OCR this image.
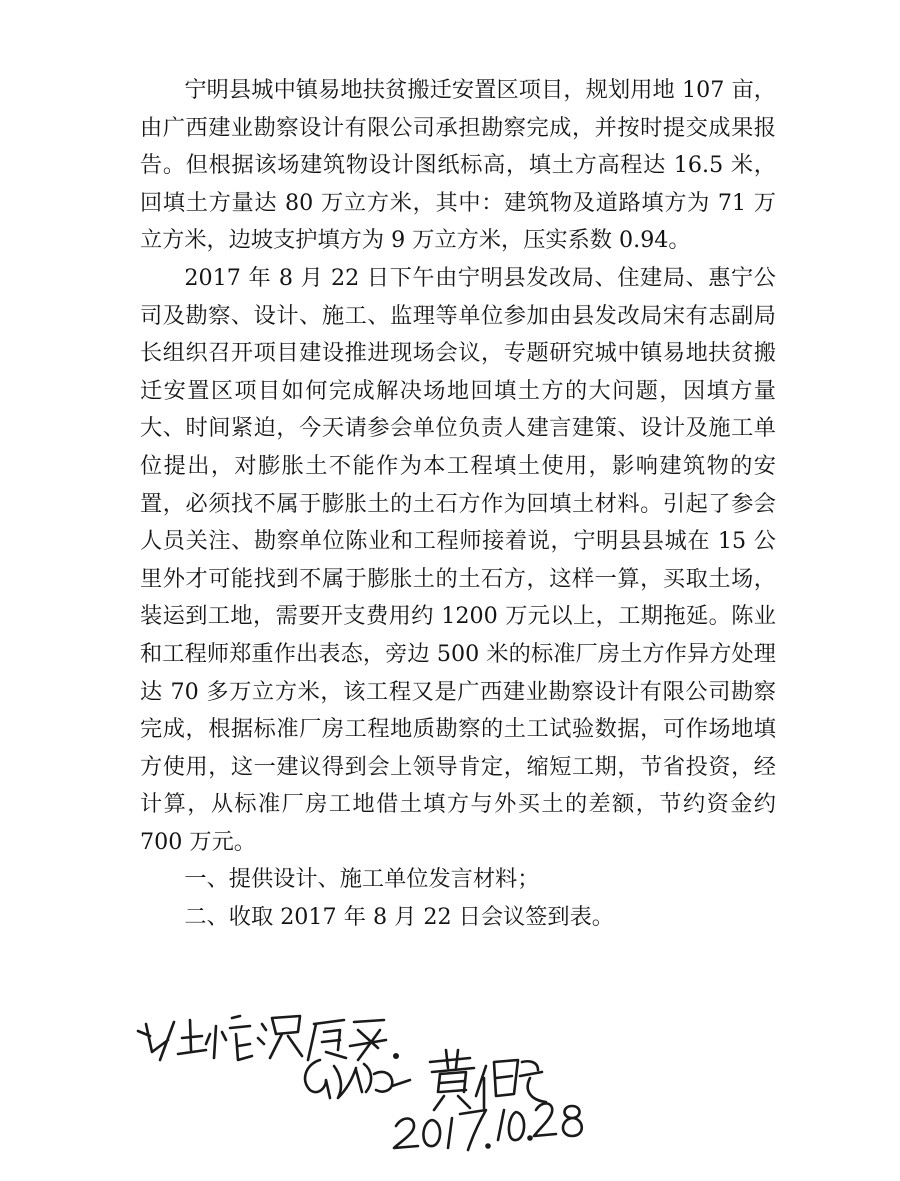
宁明县城中镇易地扶贫搬迁安置区项目，规划用地 107 亩，由广西建业勘察设计有限公司承担勘察完成，并按时提交成果报告。但根据该场建筑物设计图纸标高，填土方高程达 16.5 米，回填土方量达 80 万立方米，其中：建筑物及道路填方为 71 万立方米，边坡支护填方为 9 万立方米，压实系数 0.94。

2017 年 8 月 22 日下午由宁明县发改局、住建局、惠宁公司及勘察、设计、施工、监理等单位参加由县发改局宋有志副局长组织召开项目建设推进现场会议，专题研究城中镇易地扶贫搬迁安置区项目如何完成解决场地回填土方的大问题，因填方量大、时间紧迫，今天请参会单位负责人建言建策、设计及施工单位提出，对膨胀土不能作为本工程填土使用，影响建筑物的安置，必须找不属于膨胀土的土石方作为回填土材料。引起了参会人员关注、勘察单位陈业和工程师接着说，宁明县县城在 15 公里外才可能找到不属于膨胀土的土石方，这样一算，买取土场，装运到工地，需要开支费用约 1200 万元以上，工期拖延。陈业和工程师郑重作出表态，旁边 500 米的标准厂房土方作异方处理达 70 多万立方米，该工程又是广西建业勘察设计有限公司勘察完成，根据标准厂房工程地质勘察的土工试验数据，可作场地填方使用，这一建议得到会上领导肯定，缩短工期，节省投资，经计算，从标准厂房工地借土填方与外买土的差额，节约资金约 700 万元。

一、提供设计、施工单位发言材料；

二、收取 2017 年 8 月 22 日会议签到表。
